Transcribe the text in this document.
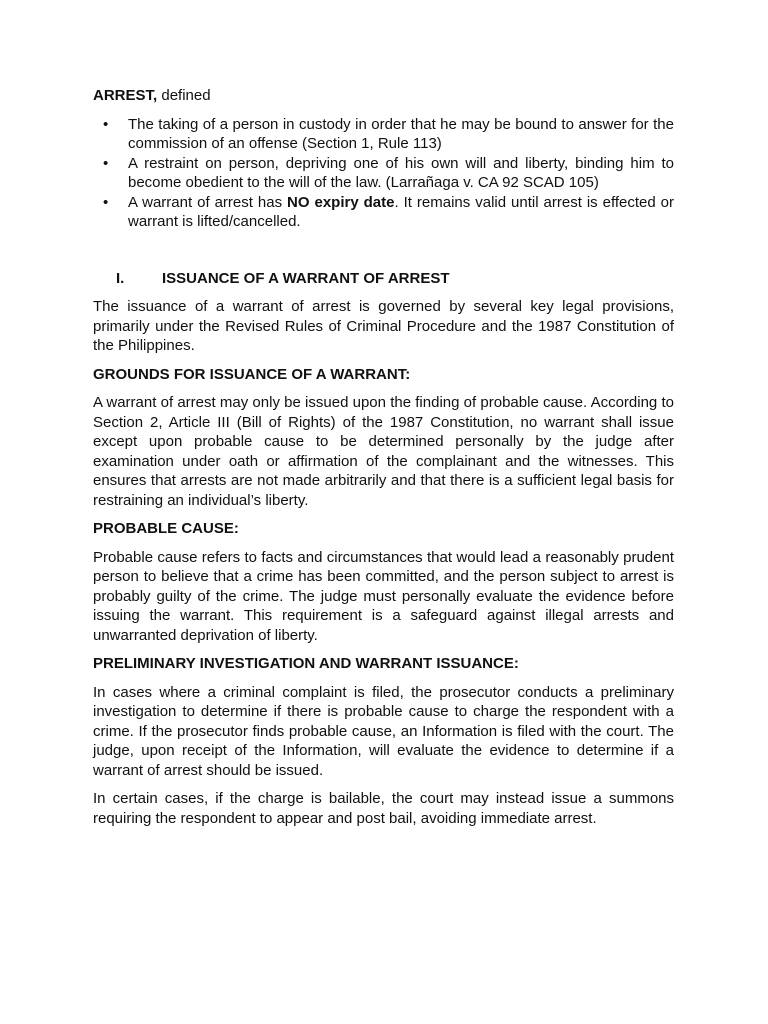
ARREST, defined
• The taking of a person in custody in order that he may be bound to answer for the commission of an offense (Section 1, Rule 113)
• A restraint on person, depriving one of his own will and liberty, binding him to become obedient to the will of the law. (Larrañaga v. CA 92 SCAD 105)
• A warrant of arrest has NO expiry date. It remains valid until arrest is effected or warrant is lifted/cancelled.
I.	ISSUANCE OF A WARRANT OF ARREST

The issuance of a warrant of arrest is governed by several key legal provisions, primarily under the Revised Rules of Criminal Procedure and the 1987 Constitution of the Philippines.

GROUNDS FOR ISSUANCE OF A WARRANT:

A warrant of arrest may only be issued upon the finding of probable cause. According to Section 2, Article III (Bill of Rights) of the 1987 Constitution, no warrant shall issue except upon probable cause to be determined personally by the judge after examination under oath or affirmation of the complainant and the witnesses. This ensures that arrests are not made arbitrarily and that there is a sufficient legal basis for restraining an individual’s liberty.

PROBABLE CAUSE:

Probable cause refers to facts and circumstances that would lead a reasonably prudent person to believe that a crime has been committed, and the person subject to arrest is probably guilty of the crime. The judge must personally evaluate the evidence before issuing the warrant. This requirement is a safeguard against illegal arrests and unwarranted deprivation of liberty.

PRELIMINARY INVESTIGATION AND WARRANT ISSUANCE:

In cases where a criminal complaint is filed, the prosecutor conducts a preliminary investigation to determine if there is probable cause to charge the respondent with a crime. If the prosecutor finds probable cause, an Information is filed with the court. The judge, upon receipt of the Information, will evaluate the evidence to determine if a warrant of arrest should be issued.

In certain cases, if the charge is bailable, the court may instead issue a summons requiring the respondent to appear and post bail, avoiding immediate arrest.
